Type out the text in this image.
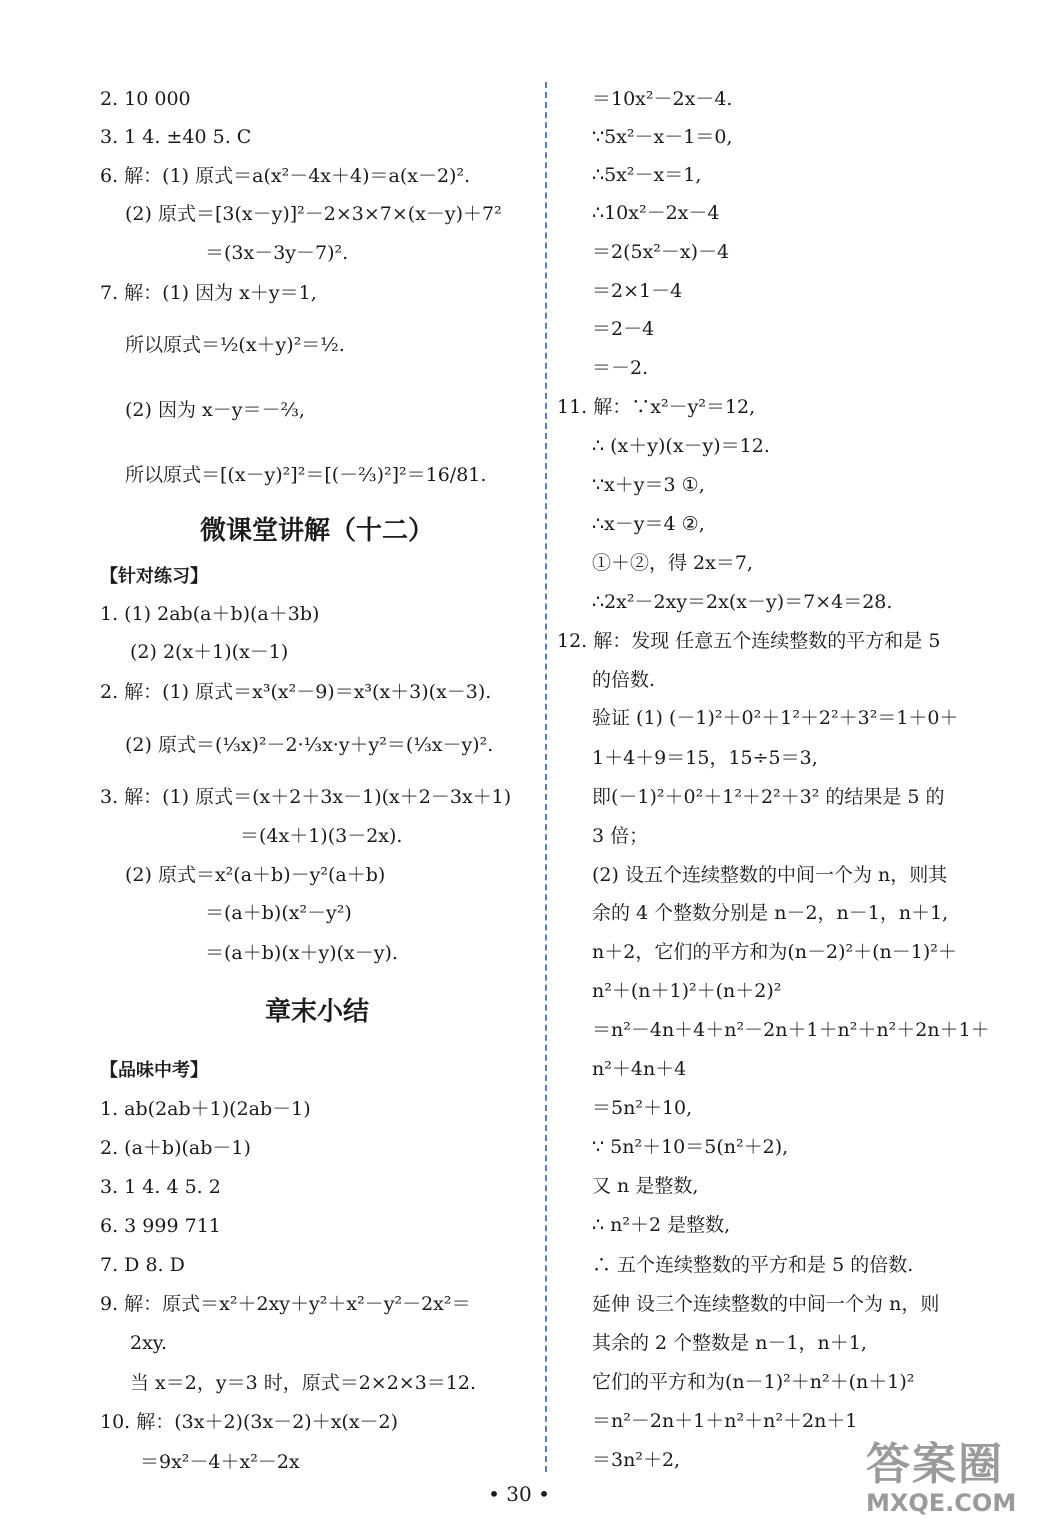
2. 10 000
3. 1 4. ±40 5. C
6. 解：(1) 原式＝a(x²－4x＋4)＝a(x－2)².
(2) 原式＝[3(x－y)]²－2×3×7×(x－y)＋7²
＝(3x－3y－7)².
7. 解：(1) 因为 x＋y＝1,
所以原式＝½(x＋y)²＝½.
(2) 因为 x－y＝－⅔,
所以原式＝[(x－y)²]²＝[(－⅔)²]²＝16/81.
1. (1) 2ab(a＋b)(a＋3b)
(2) 2(x＋1)(x－1)
2. 解：(1) 原式＝x³(x²－9)＝x³(x＋3)(x－3).
(2) 原式＝(⅓x)²－2·⅓x·y＋y²＝(⅓x－y)².
3. 解：(1) 原式＝(x＋2＋3x－1)(x＋2－3x＋1)
＝(4x＋1)(3－2x).
(2) 原式＝x²(a＋b)－y²(a＋b)
＝(a＋b)(x²－y²)
＝(a＋b)(x＋y)(x－y).
1. ab(2ab＋1)(2ab－1)
2. (a＋b)(ab－1)
3. 1 4. 4 5. 2
6. 3 999 711
7. D 8. D
9. 解：原式＝x²＋2xy＋y²＋x²－y²－2x²＝
2xy.
当 x＝2，y＝3 时，原式＝2×2×3＝12.
10. 解：(3x＋2)(3x－2)＋x(x－2)
＝9x²－4＋x²－2x
＝10x²－2x－4.
∵5x²－x－1＝0,
∴5x²－x＝1,
∴10x²－2x－4
＝2(5x²－x)－4
＝2×1－4
＝2－4
＝－2.
11. 解：∵x²－y²＝12,
∴ (x＋y)(x－y)＝12.
∵x＋y＝3 ①,
∴x－y＝4 ②,
①＋②，得 2x＝7,
∴2x²－2xy＝2x(x－y)＝7×4＝28.
12. 解：发现 任意五个连续整数的平方和是 5
的倍数.
验证 (1) (－1)²＋0²＋1²＋2²＋3²＝1＋0＋
1＋4＋9＝15，15÷5＝3,
即(－1)²＋0²＋1²＋2²＋3² 的结果是 5 的
3 倍；
(2) 设五个连续整数的中间一个为 n，则其
余的 4 个整数分别是 n－2，n－1，n＋1,
n＋2，它们的平方和为(n－2)²＋(n－1)²＋
n²＋(n＋1)²＋(n＋2)²
＝n²－4n＋4＋n²－2n＋1＋n²＋n²＋2n＋1＋
n²＋4n＋4
＝5n²＋10,
∵ 5n²＋10＝5(n²＋2),
又 n 是整数,
∴ n²＋2 是整数,
∴ 五个连续整数的平方和是 5 的倍数.
延伸 设三个连续整数的中间一个为 n，则
其余的 2 个整数是 n－1，n＋1,
它们的平方和为(n－1)²＋n²＋(n＋1)²
＝n²－2n＋1＋n²＋n²＋2n＋1
＝3n²＋2,
微课堂讲解（十二）
【针对练习】
章末小结
【品味中考】
• 30 •
答案圈
MXQE.COM
